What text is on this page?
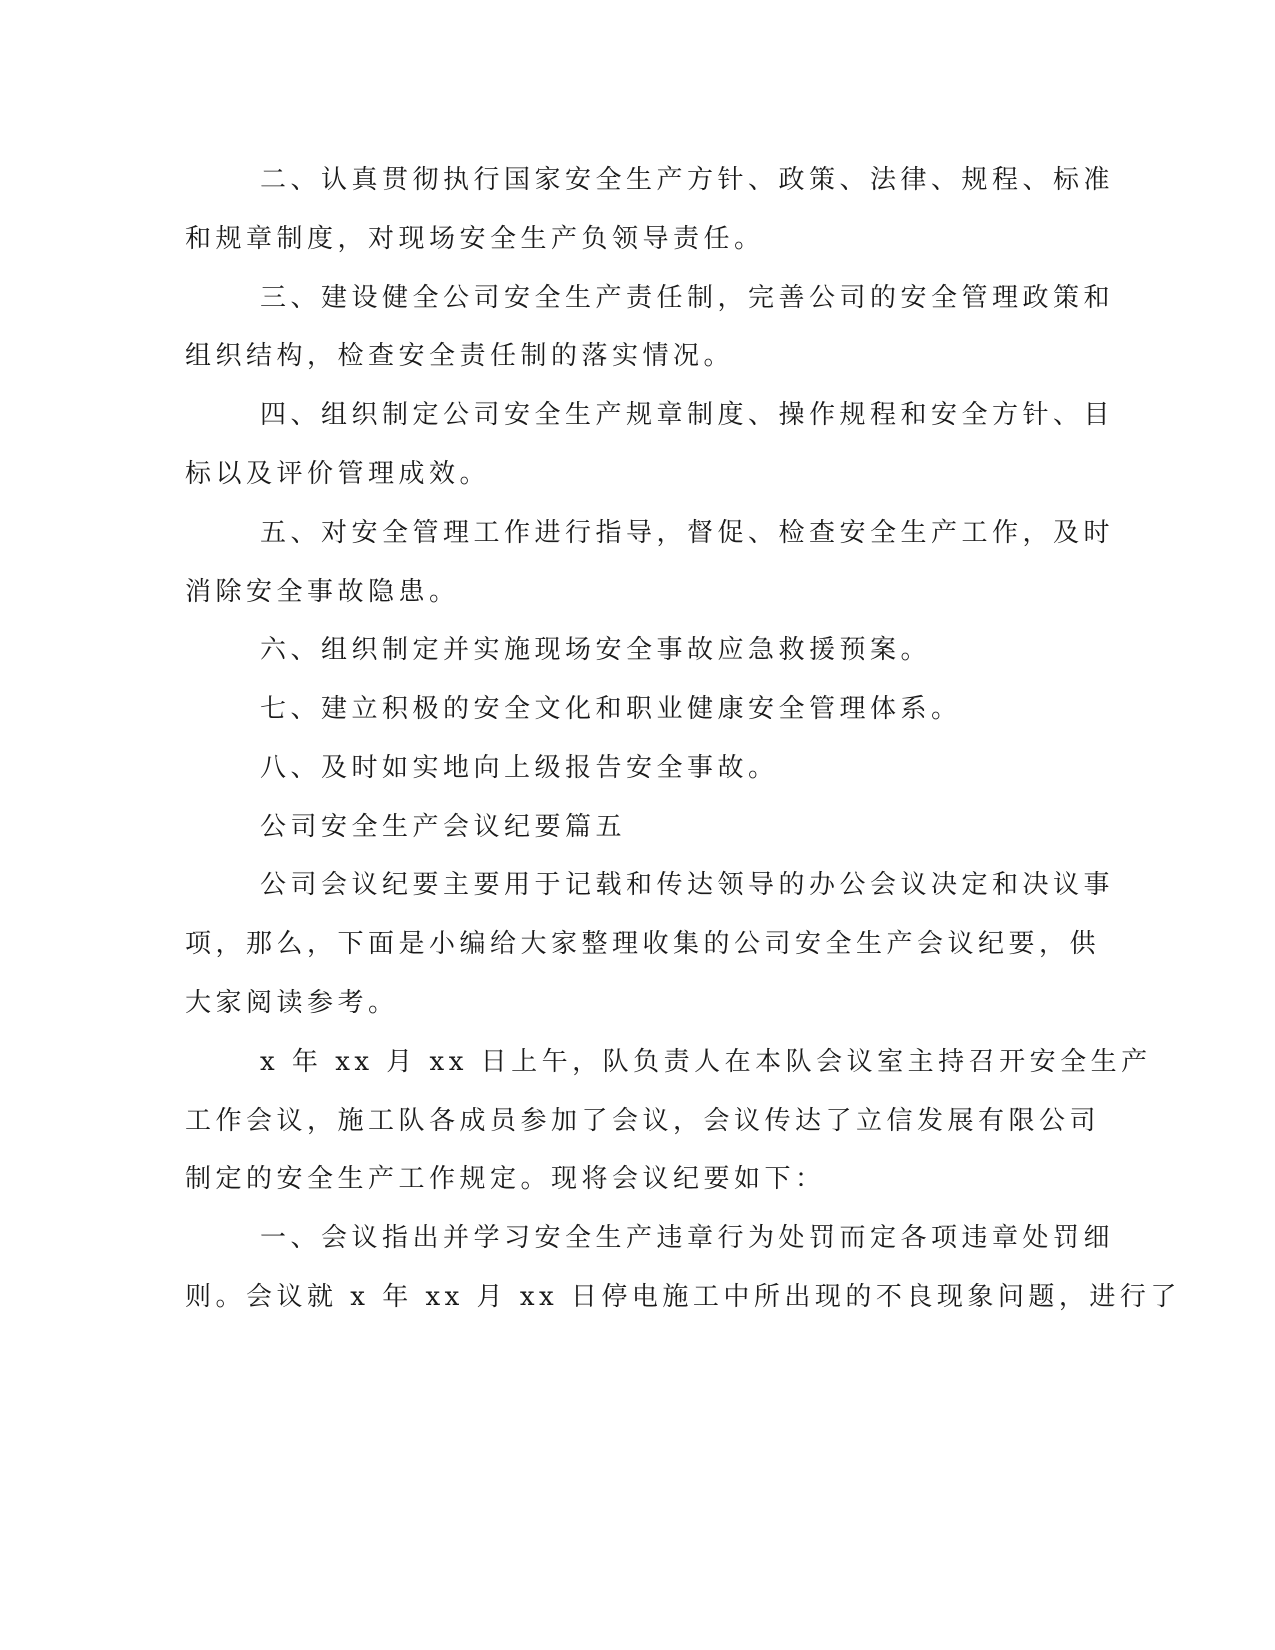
二、认真贯彻执行国家安全生产方针、政策、法律、规程、标准
和规章制度，对现场安全生产负领导责任。
三、建设健全公司安全生产责任制，完善公司的安全管理政策和
组织结构，检查安全责任制的落实情况。
四、组织制定公司安全生产规章制度、操作规程和安全方针、目
标以及评价管理成效。
五、对安全管理工作进行指导，督促、检查安全生产工作，及时
消除安全事故隐患。
六、组织制定并实施现场安全事故应急救援预案。
七、建立积极的安全文化和职业健康安全管理体系。
八、及时如实地向上级报告安全事故。
公司安全生产会议纪要篇五
公司会议纪要主要用于记载和传达领导的办公会议决定和决议事
项，那么，下面是小编给大家整理收集的公司安全生产会议纪要，供
大家阅读参考。
x 年 xx 月 xx 日上午，队负责人在本队会议室主持召开安全生产
工作会议，施工队各成员参加了会议，会议传达了立信发展有限公司
制定的安全生产工作规定。现将会议纪要如下：
一、会议指出并学习安全生产违章行为处罚而定各项违章处罚细
则。会议就 x 年 xx 月 xx 日停电施工中所出现的不良现象问题，进行了
